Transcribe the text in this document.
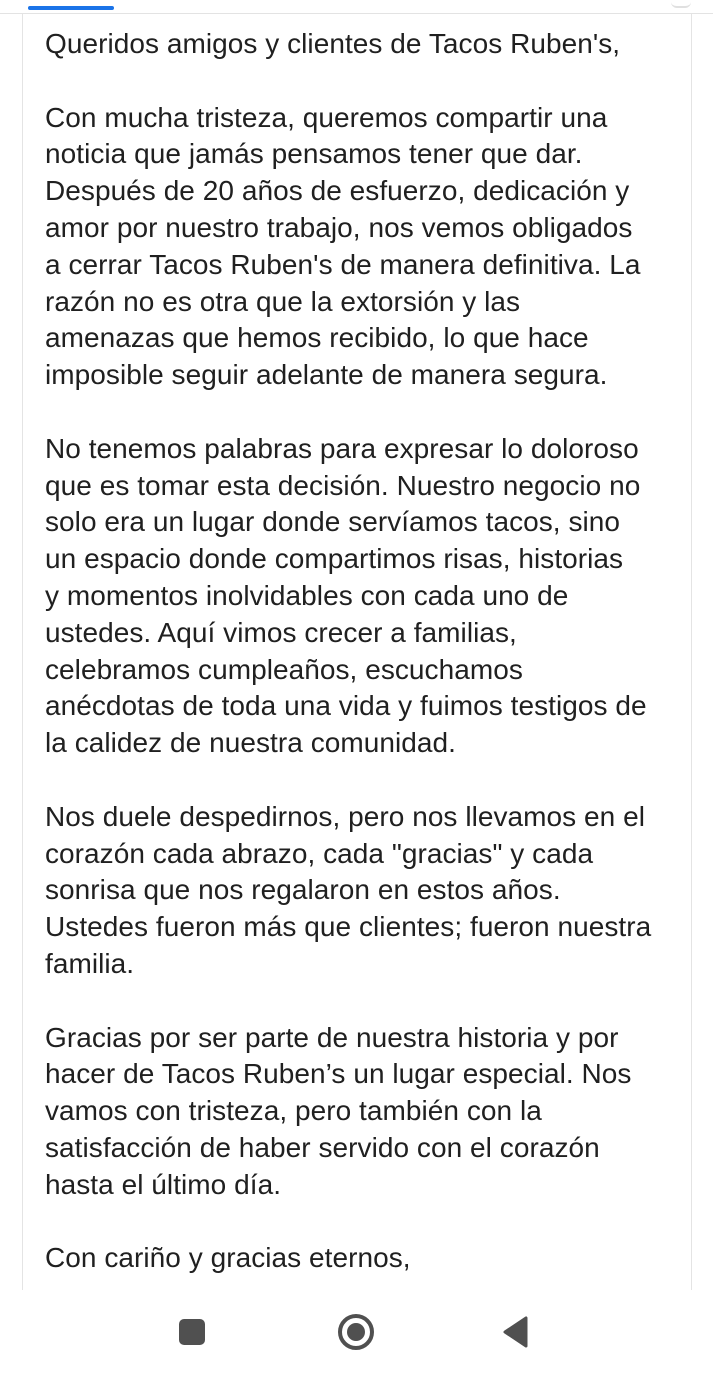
Queridos amigos y clientes de Tacos Ruben's,

Con mucha tristeza, queremos compartir una
noticia que jamás pensamos tener que dar.
Después de 20 años de esfuerzo, dedicación y
amor por nuestro trabajo, nos vemos obligados
a cerrar Tacos Ruben's de manera definitiva. La
razón no es otra que la extorsión y las
amenazas que hemos recibido, lo que hace
imposible seguir adelante de manera segura.

No tenemos palabras para expresar lo doloroso
que es tomar esta decisión. Nuestro negocio no
solo era un lugar donde servíamos tacos, sino
un espacio donde compartimos risas, historias
y momentos inolvidables con cada uno de
ustedes. Aquí vimos crecer a familias,
celebramos cumpleaños, escuchamos
anécdotas de toda una vida y fuimos testigos de
la calidez de nuestra comunidad.

Nos duele despedirnos, pero nos llevamos en el
corazón cada abrazo, cada "gracias" y cada
sonrisa que nos regalaron en estos años.
Ustedes fueron más que clientes; fueron nuestra
familia.

Gracias por ser parte de nuestra historia y por
hacer de Tacos Ruben’s un lugar especial. Nos
vamos con tristeza, pero también con la
satisfacción de haber servido con el corazón
hasta el último día.

Con cariño y gracias eternos,
